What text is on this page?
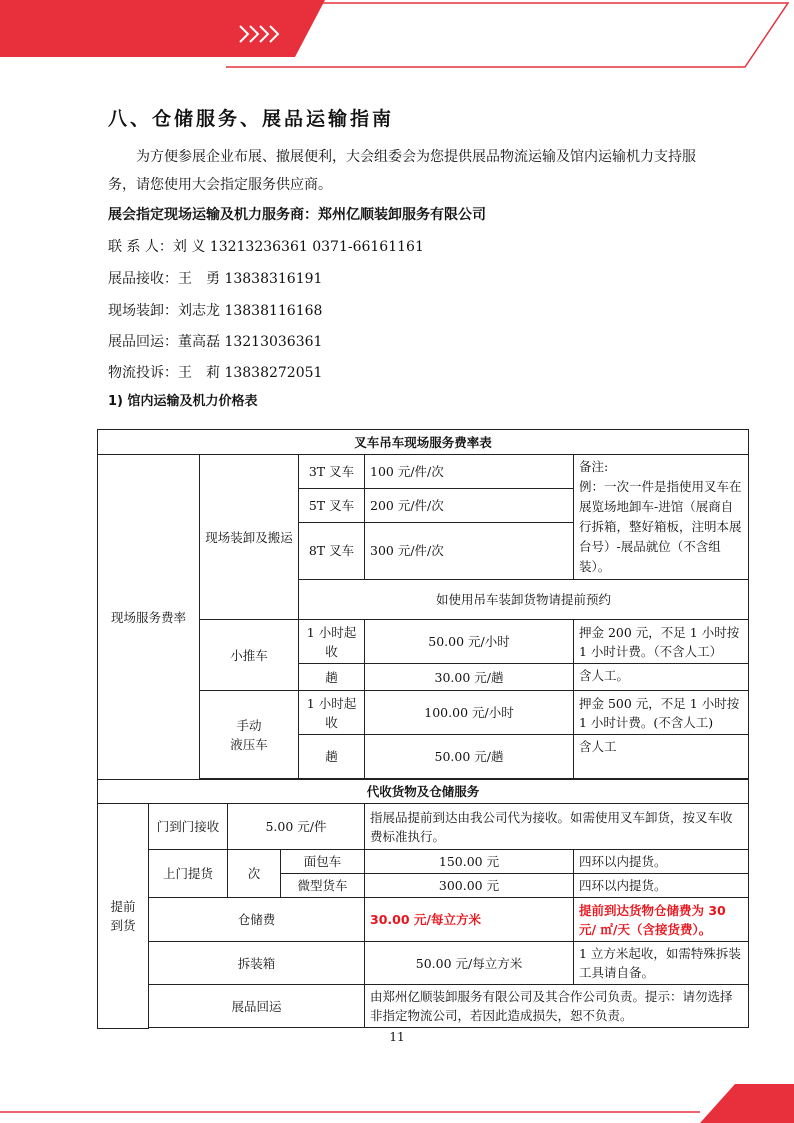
八、仓储服务、展品运输指南

为方便参展企业布展、撤展便利，大会组委会为您提供展品物流运输及馆内运输机力支持服务，请您使用大会指定服务供应商。

展会指定现场运输及机力服务商：郑州亿顺装卸服务有限公司
联 系 人：刘 义 13213236361 0371-66161161
展品接收：王　勇 13838316191
现场装卸：刘志龙 13838116168
展品回运：董高磊 13213036361
物流投诉：王　莉 13838272051
1) 馆内运输及机力价格表
叉车吊车现场服务费率表							
现场服务费率		现场装卸及搬运			3T 叉车	100 元/件/次	备注:
例：一次一件是指使用叉车在展览场地卸车-进馆（展商自行拆箱，整好箱板，注明本展台号）-展品就位（不含组装）。
					5T 叉车	200 元/件/次	
					8T 叉车	300 元/件/次	
					如使用吊车装卸货物请提前预约		
		小推车			1 小时起收	50.00 元/小时	押金 200 元，不足 1 小时按 1 小时计费。（不含人工）
					趟	30.00 元/趟	含人工。
		手动
液压车			1 小时起收	100.00 元/小时	押金 500 元，不足 1 小时按 1 小时计费。(不含人工)
					趟	50.00 元/趟	含人工

代收货物及仓储服务							
提前
到货	门到门接收		5.00 元/件			指展品提前到达由我公司代为接收。如需使用叉车卸货，按叉车收费标准执行。	
	上门提货		次	面包车		150.00 元	四环以内提货。
				微型货车		300.00 元	四环以内提货。
	仓储费					30.00 元/每立方米	提前到达货物仓储费为 30 元/ ㎡/天（含接货费）。
	拆装箱					50.00 元/每立方米	1 立方米起收，如需特殊拆装工具请自备。
	展品回运					由郑州亿顺装卸服务有限公司及其合作公司负责。提示：请勿选择非指定物流公司，若因此造成损失，恕不负责。	

11
